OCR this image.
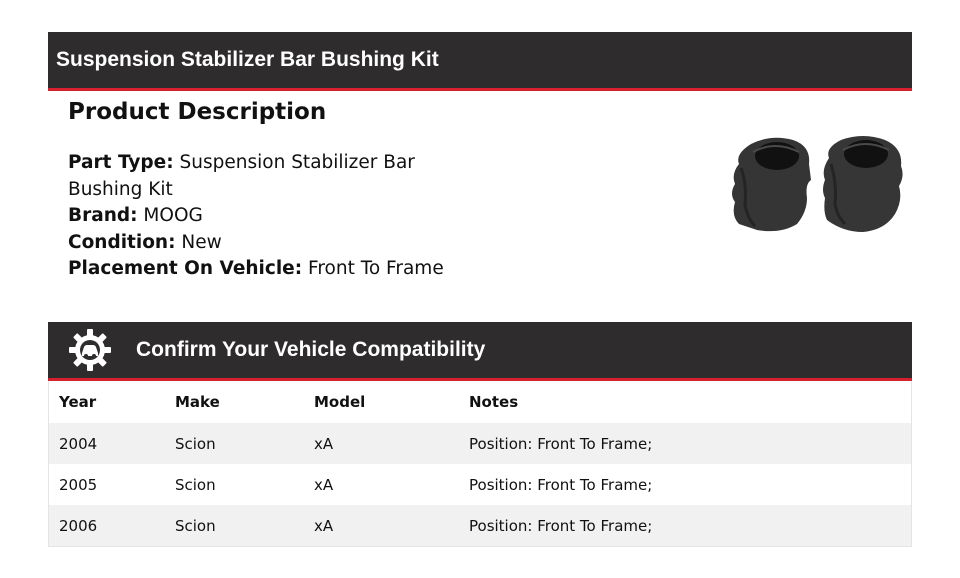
Suspension Stabilizer Bar Bushing Kit
Product Description
Part Type: Suspension Stabilizer Bar Bushing Kit
Brand: MOOG
Condition: New
Placement On Vehicle: Front To Frame
Confirm Your Vehicle Compatibility
Year	Make	Model	Notes
2004	Scion	xA	Position: Front To Frame;
2005	Scion	xA	Position: Front To Frame;
2006	Scion	xA	Position: Front To Frame;
